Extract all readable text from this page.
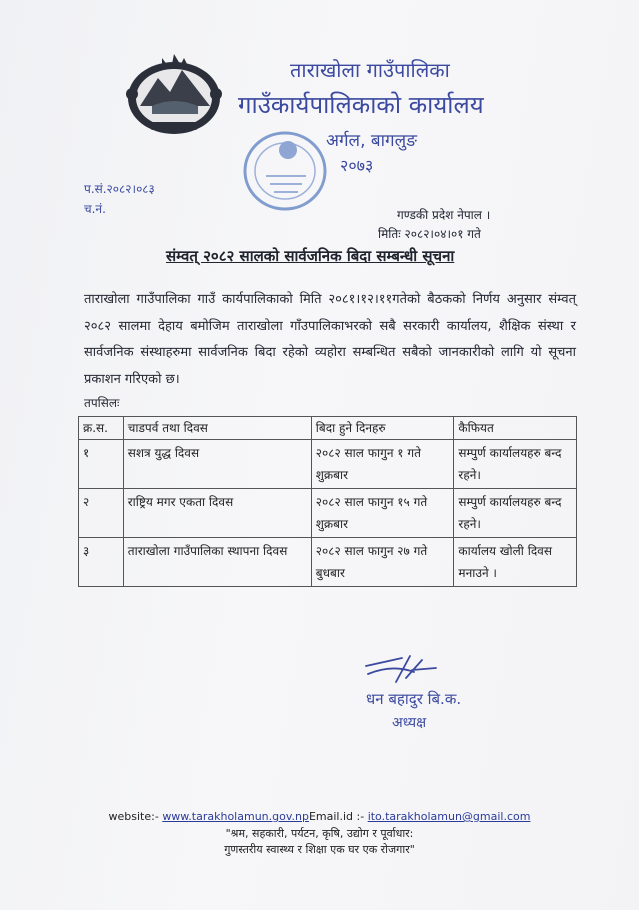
ताराखोला गाउँपालिका
गाउँकार्यपालिकाको कार्यालय
अर्गल, बागलुङ
२०७३
प.सं.२०८२।०८३
च.नं.	गण्डकी प्रदेश नेपाल ।
मितिः २०८२।०४।०१ गते
संम्वत् २०८२ सालको सार्वजनिक बिदा सम्बन्धी सूचना

ताराखोला गाउँपालिका गाउँ कार्यपालिकाको मिति २०८१।१२।११गतेको बैठकको निर्णय अनुसार संम्वत् २०८२ सालमा देहाय बमोजिम ताराखोला गाँउपालिकाभरको सबै सरकारी कार्यालय, शैक्षिक संस्था र सार्वजनिक संस्थाहरुमा सार्वजनिक बिदा रहेको व्यहोरा सम्बन्धित सबैको जानकारीको लागि यो सूचना प्रकाशन गरिएको छ।

तपसिलः

क्र.स.	चाडपर्व तथा दिवस	बिदा हुने दिनहरु	कैफियत
१	सशत्र युद्ध दिवस	२०८२ साल फागुन १ गते शुक्रबार	सम्पुर्ण कार्यालयहरु बन्द रहने।
२	राष्ट्रिय मगर एकता दिवस	२०८२ साल फागुन १५ गते शुक्रबार	सम्पुर्ण कार्यालयहरु बन्द रहने।
३	ताराखोला गाउँपालिका स्थापना दिवस	२०८२ साल फागुन २७ गते बुधबार	कार्यालय खोली दिवस मनाउने ।
धन बहादुर बि.क.
अध्यक्ष
website:- www.tarakholamun.gov.npEmail.id :- ito.tarakholamun@gmail.com
"श्रम, सहकारी, पर्यटन, कृषि, उद्योग र पूर्वाधार:
गुणस्तरीय स्वास्थ्य र शिक्षा एक घर एक रोजगार"
